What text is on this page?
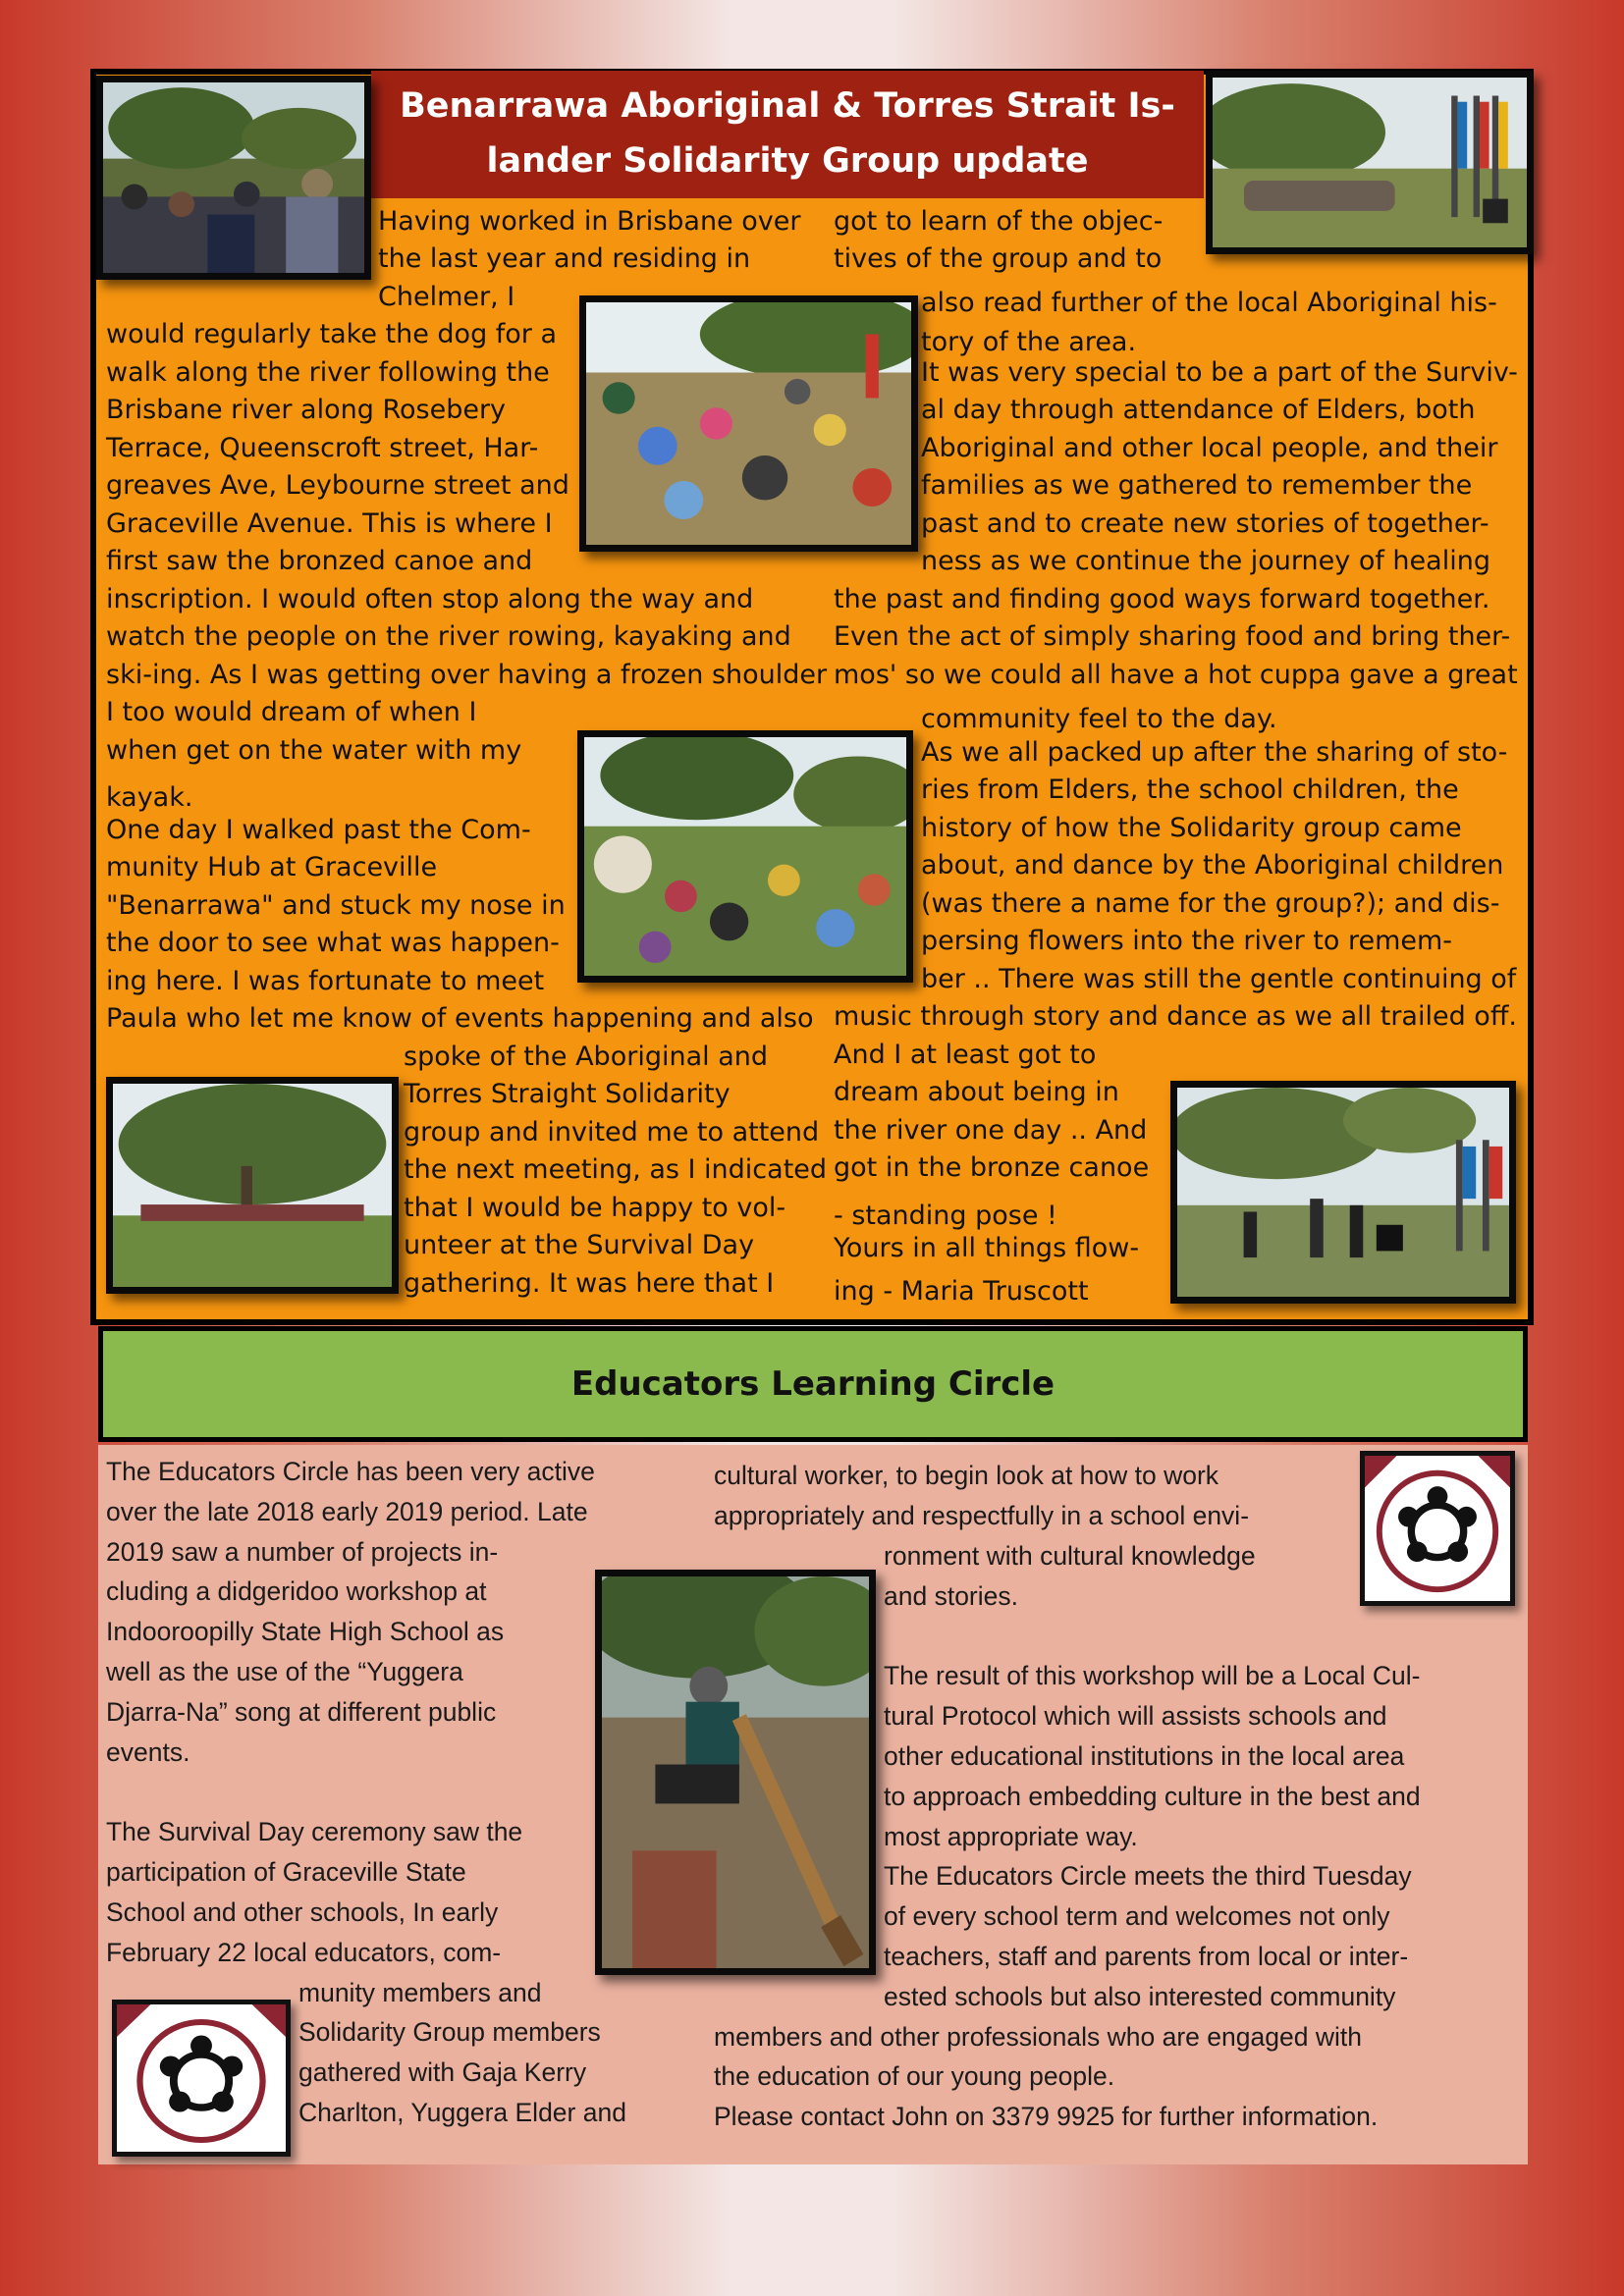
Benarrawa Aboriginal & Torres Strait Is-
lander Solidarity Group update

Having worked in Brisbane over

the last year and residing in

Chelmer, I

would regularly take the dog for a

walk along the river following the

Brisbane river along Rosebery

Terrace, Queenscroft street, Har-

greaves Ave, Leybourne street and

Graceville Avenue. This is where I

first saw the bronzed canoe and

inscription. I would often stop along the way and

watch the people on the river rowing, kayaking and

ski-ing. As I was getting over having a frozen shoulder

I too would dream of when I

when get on the water with my

kayak.

One day I walked past the Com-

munity Hub at Graceville

"Benarrawa" and stuck my nose in

the door to see what was happen-

ing here. I was fortunate to meet

Paula who let me know of events happening and also

spoke of the Aboriginal and

Torres Straight Solidarity

group and invited me to attend

the next meeting, as I indicated

that I would be happy to vol-

unteer at the Survival Day

gathering. It was here that I

got to learn of the objec-

tives of the group and to

also read further of the local Aboriginal his-

tory of the area.

It was very special to be a part of the Surviv-

al day through attendance of Elders, both

Aboriginal and other local people, and their

families as we gathered to remember the

past and to create new stories of together-

ness as we continue the journey of healing

the past and finding good ways forward together.

Even the act of simply sharing food and bring ther-

mos' so we could all have a hot cuppa gave a great

community feel to the day.

As we all packed up after the sharing of sto-

ries from Elders, the school children, the

history of how the Solidarity group came

about, and dance by the Aboriginal children

(was there a name for the group?); and dis-

persing flowers into the river to remem-

ber .. There was still the gentle continuing of

music through story and dance as we all trailed off.

And I at least got to

dream about being in

the river one day .. And

got in the bronze canoe

- standing pose !

Yours in all things flow-

ing - Maria Truscott

Educators Learning Circle

The Educators Circle has been very active

over the late 2018 early 2019 period. Late

2019 saw a number of projects in-

cluding a didgeridoo workshop at

Indooroopilly State High School as

well as the use of the “Yuggera

Djarra-Na” song at different public

events.

The Survival Day ceremony saw the

participation of Graceville State

School and other schools, In early

February 22 local educators, com-

munity members and

Solidarity Group members

gathered with Gaja Kerry

Charlton, Yuggera Elder and

cultural worker, to begin look at how to work

appropriately and respectfully in a school envi-

ronment with cultural knowledge

and stories.

The result of this workshop will be a Local Cul-

tural Protocol which will assists schools and

other educational institutions in the local area

to approach embedding culture in the best and

most appropriate way.

The Educators Circle meets the third Tuesday

of every school term and welcomes not only

teachers, staff and parents from local or inter-

ested schools but also interested community

members and other professionals who are engaged with

the education of our young people.

Please contact John on 3379 9925 for further information.
